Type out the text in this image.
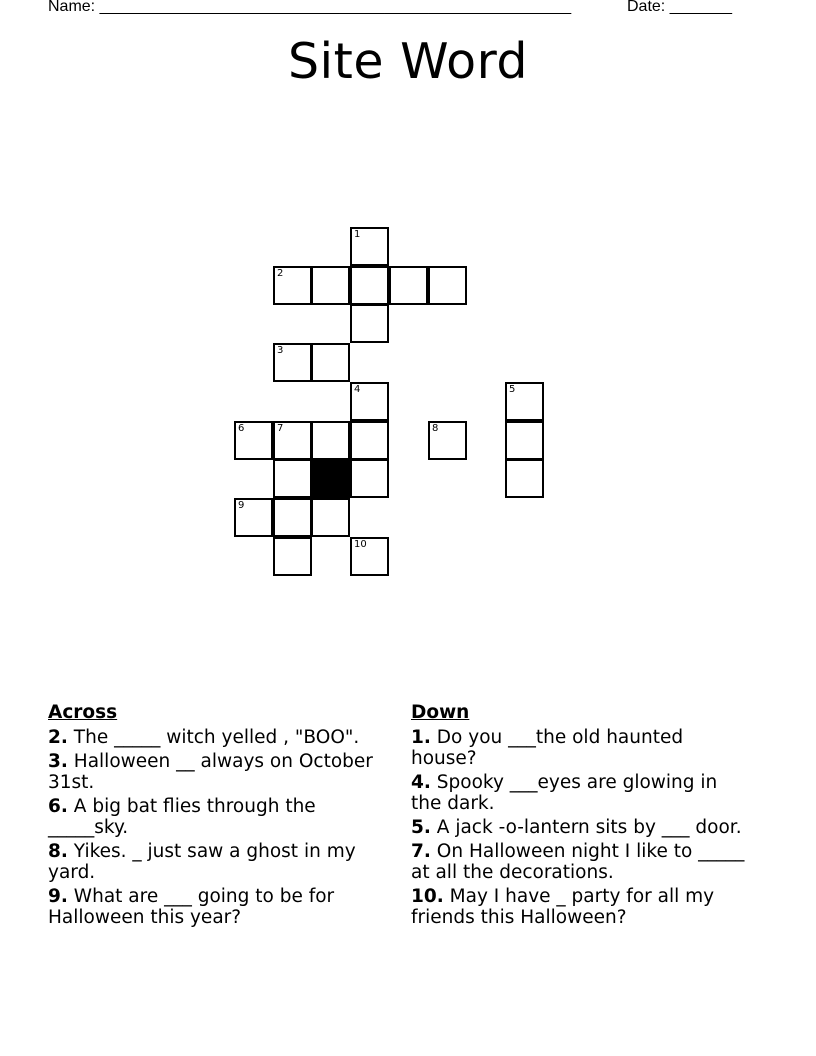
Name: _____________________________________________________	Date: _______
Site Word
1
2
3
4	5
6	7	8
9
10
Across
2. The _____ witch yelled , "BOO".
3. Halloween __ always on October 31st.
6. A big bat flies through the _____sky.
8. Yikes. _ just saw a ghost in my yard.
9. What are ___ going to be for Halloween this year?
Down
1. Do you ___the old haunted house?
4. Spooky ___eyes are glowing in the dark.
5. A jack -o-lantern sits by ___ door.
7. On Halloween night I like to _____ at all the decorations.
10. May I have _ party for all my friends this Halloween?
